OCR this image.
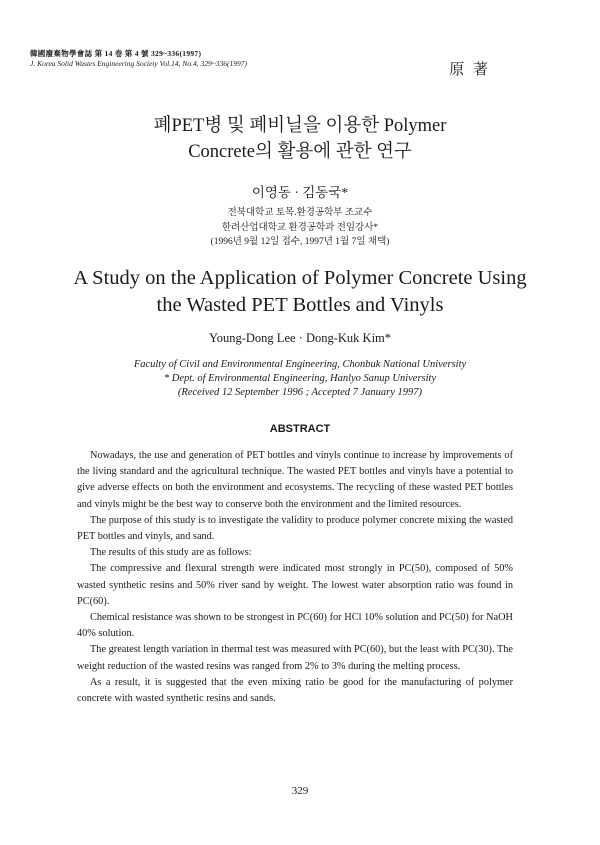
韓國廢棄物學會誌 第 14 卷 第 4 號 329~336(1997)
J. Korea Solid Wastes Engineering Society Vol.14, No.4, 329~336(1997)	原 著
폐PET병 및 폐비닐을 이용한 Polymer
Concrete의 활용에 관한 연구
이영동 · 김동국*
전북대학교 토목.환경공학부 조교수
한려산업대학교 환경공학과 전임강사*
(1996년 9월 12일 접수, 1997년 1월 7일 채택)
A Study on the Application of Polymer Concrete Using
the Wasted PET Bottles and Vinyls
Young-Dong Lee · Dong-Kuk Kim*
Faculty of Civil and Environmental Engineering, Chonbuk National University
* Dept. of Environmental Engineering, Hanlyo Sanup University
(Received 12 September 1996 ; Accepted 7 January 1997)
ABSTRACT

Nowadays, the use and generation of PET bottles and vinyls continue to increase by improvements of the living standard and the agricultural technique. The wasted PET bottles and vinyls have a potential to give adverse effects on both the environment and ecosystems. The recycling of these wasted PET bottles and vinyls might be the best way to conserve both the environment and the limited resources.

The purpose of this study is to investigate the validity to produce polymer concrete mixing the wasted PET bottles and vinyls, and sand.

The results of this study are as follows:

The compressive and flexural strength were indicated most strongly in PC(50), composed of 50% wasted synthetic resins and 50% river sand by weight. The lowest water absorption ratio was found in PC(60).

Chemical resistance was shown to be strongest in PC(60) for HCl 10% solution and PC(50) for NaOH 40% solution.

The greatest length variation in thermal test was measured with PC(60), but the least with PC(30). The weight reduction of the wasted resins was ranged from 2% to 3% during the melting process.

As a result, it is suggested that the even mixing ratio be good for the manufacturing of polymer concrete with wasted synthetic resins and sands.

329
